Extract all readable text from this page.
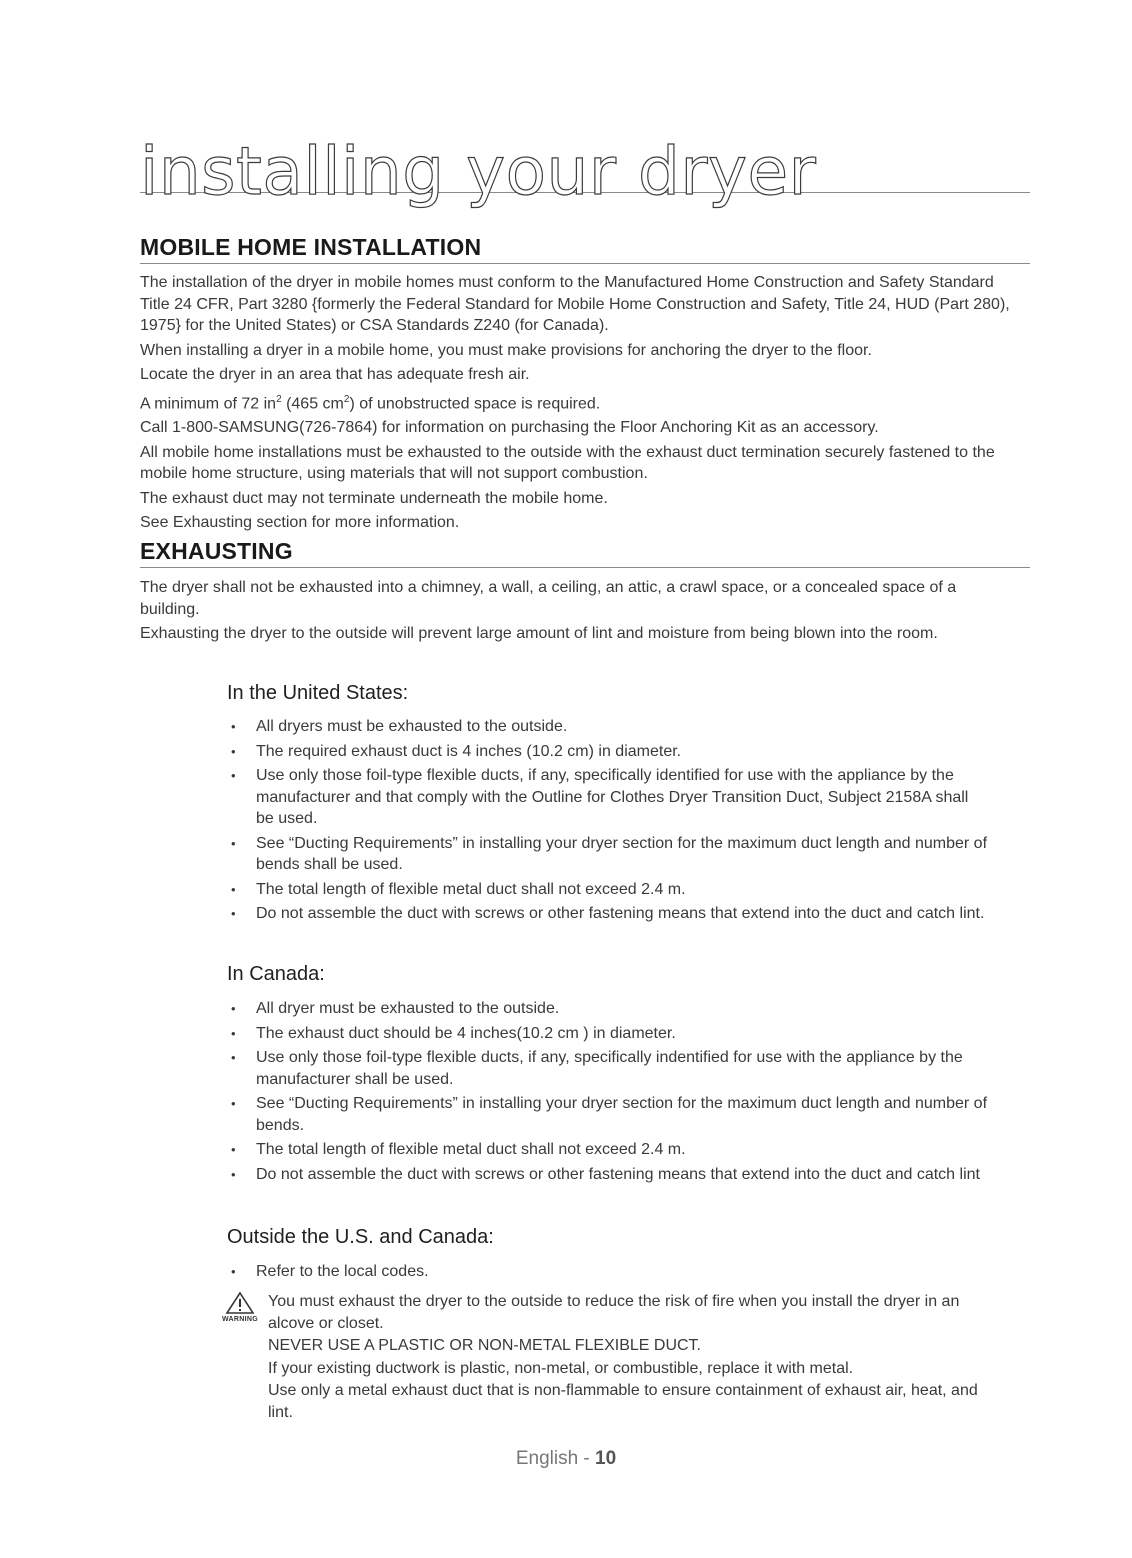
installing your dryer
MOBILE HOME INSTALLATION

The installation of the dryer in mobile homes must conform to the Manufactured Home Construction and Safety Standard Title 24 CFR, Part 3280 {formerly the Federal Standard for Mobile Home Construction and Safety, Title 24, HUD (Part 280), 1975} for the United States) or CSA Standards Z240 (for Canada).

When installing a dryer in a mobile home, you must make provisions for anchoring the dryer to the floor.

Locate the dryer in an area that has adequate fresh air.

A minimum of 72 $in^2$ (465 $cm^2$) of unobstructed space is required.

Call 1-800-SAMSUNG(726-7864) for information on purchasing the Floor Anchoring Kit as an accessory.

All mobile home installations must be exhausted to the outside with the exhaust duct termination securely fastened to the mobile home structure, using materials that will not support combustion.

The exhaust duct may not terminate underneath the mobile home.

See Exhausting section for more information.

EXHAUSTING

The dryer shall not be exhausted into a chimney, a wall, a ceiling, an attic, a crawl space, or a concealed space of a building.

Exhausting the dryer to the outside will prevent large amount of lint and moisture from being blown into the room.

In the United States:
• All dryers must be exhausted to the outside.
• The required exhaust duct is 4 inches (10.2 cm) in diameter.
• Use only those foil-type flexible ducts, if any, specifically identified for use with the appliance by the manufacturer and that comply with the Outline for Clothes Dryer Transition Duct, Subject 2158A shall be used.
• See “Ducting Requirements” in installing your dryer section for the maximum duct length and number of bends shall be used.
• The total length of flexible metal duct shall not exceed 2.4 m.
• Do not assemble the duct with screws or other fastening means that extend into the duct and catch lint.
In Canada:
• All dryer must be exhausted to the outside.
• The exhaust duct should be 4 inches(10.2 cm ) in diameter.
• Use only those foil-type flexible ducts, if any, specifically indentified for use with the appliance by the manufacturer shall be used.
• See “Ducting Requirements” in installing your dryer section for the maximum duct length and number of bends.
• The total length of flexible metal duct shall not exceed 2.4 m.
• Do not assemble the duct with screws or other fastening means that extend into the duct and catch lint
Outside the U.S. and Canada:
• Refer to the local codes.
WARNING

You must exhaust the dryer to the outside to reduce the risk of fire when you install the dryer in an alcove or closet.

NEVER USE A PLASTIC OR NON-METAL FLEXIBLE DUCT.

If your existing ductwork is plastic, non-metal, or combustible, replace it with metal.

Use only a metal exhaust duct that is non-flammable to ensure containment of exhaust air, heat, and lint.

English - 10
